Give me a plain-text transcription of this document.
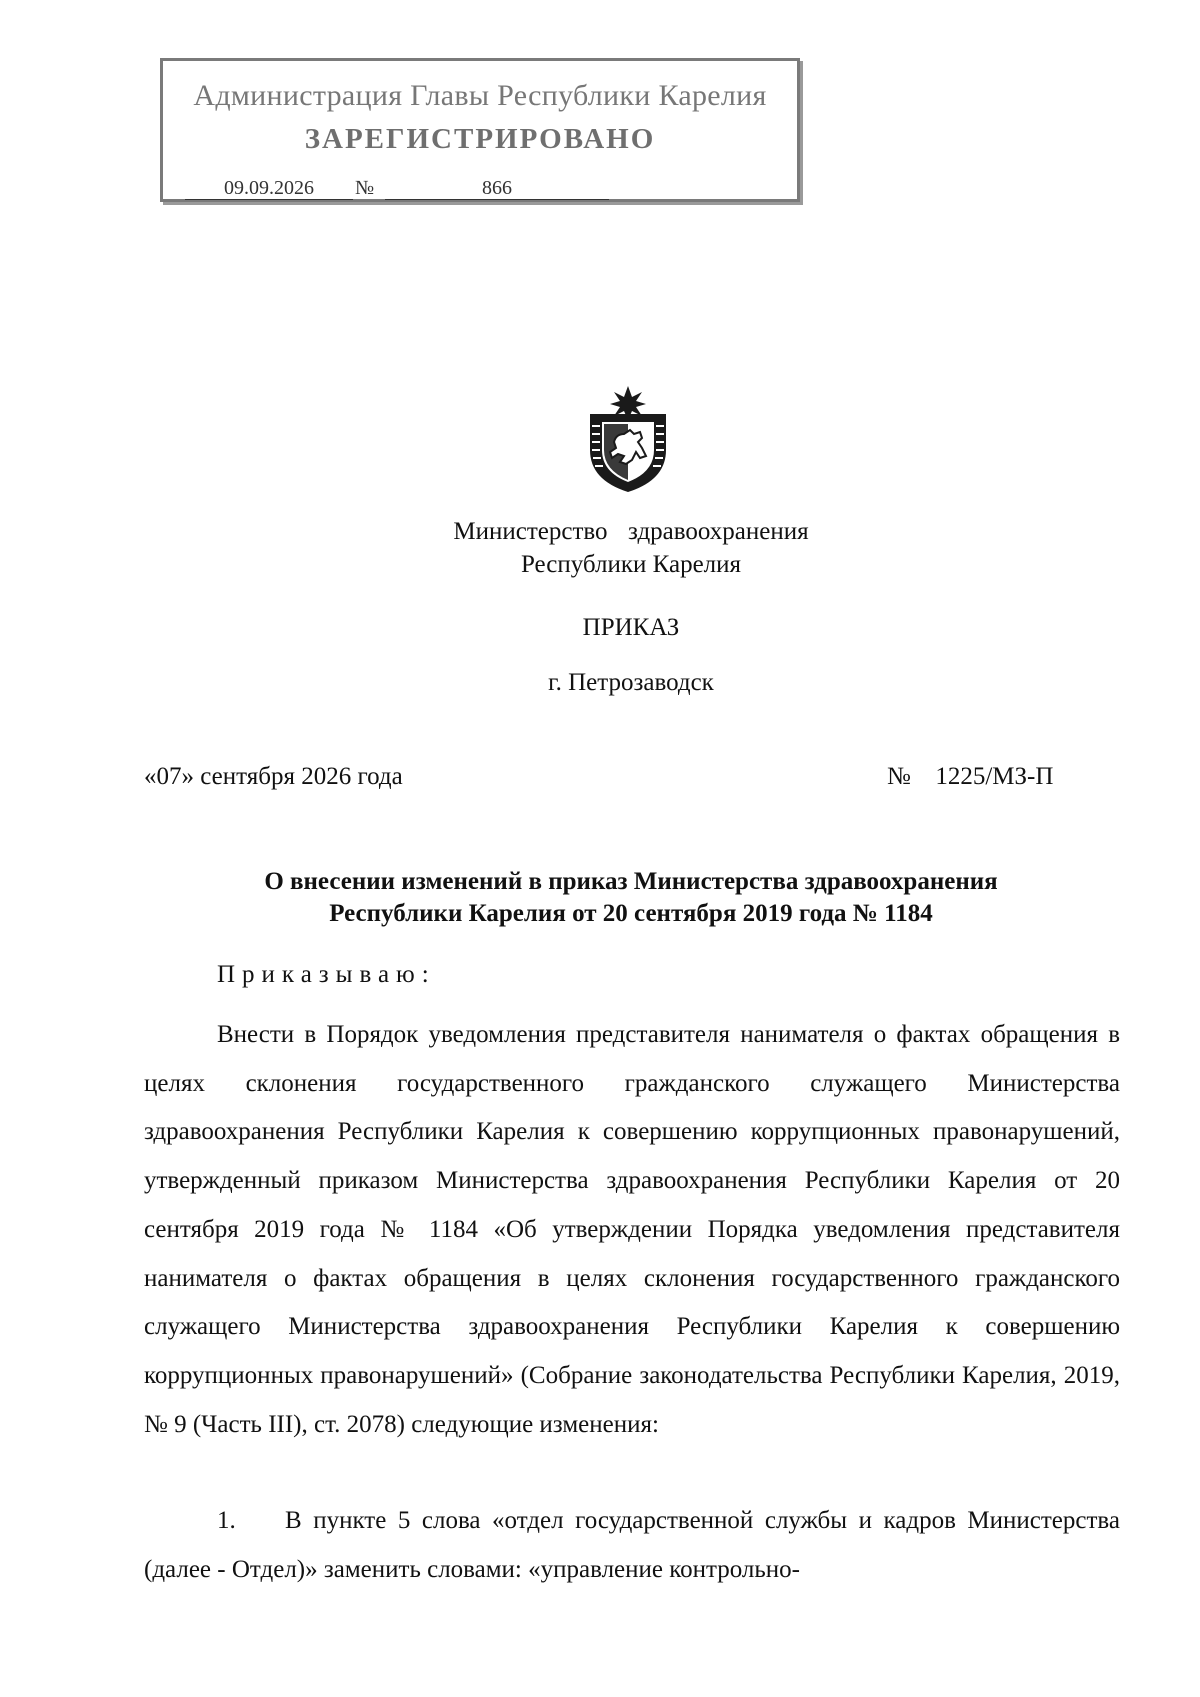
Администрация Главы Республики Карелия
ЗАРЕГИСТРИРОВАНО
09.09.2026	№	866
Министерство  здравоохранения
Республики Карелия
ПРИКАЗ
г. Петрозаводск
«07» сентября 2026 года	№  1225/МЗ-П
О внесении изменений в приказ Министерства здравоохранения
Республики Карелия от 20 сентября 2019 года № 1184
Приказываю:

Внести в Порядок уведомления представителя нанимателя о фактах обращения в целях склонения государственного гражданского служащего Министерства здравоохранения Республики Карелия к совершению коррупционных правонарушений, утвержденный приказом Министерства здравоохранения Республики Карелия от 20 сентября 2019 года № 1184 «Об утверждении Порядка уведомления представителя нанимателя о фактах обращения в целях склонения государственного гражданского служащего Министерства здравоохранения Республики Карелия к совершению коррупционных правонарушений» (Собрание законодательства Республики Карелия, 2019, № 9 (Часть III), ст. 2078) следующие изменения:

1. В пункте 5 слова «отдел государственной службы и кадров Министерства (далее - Отдел)» заменить словами: «управление контрольно-
